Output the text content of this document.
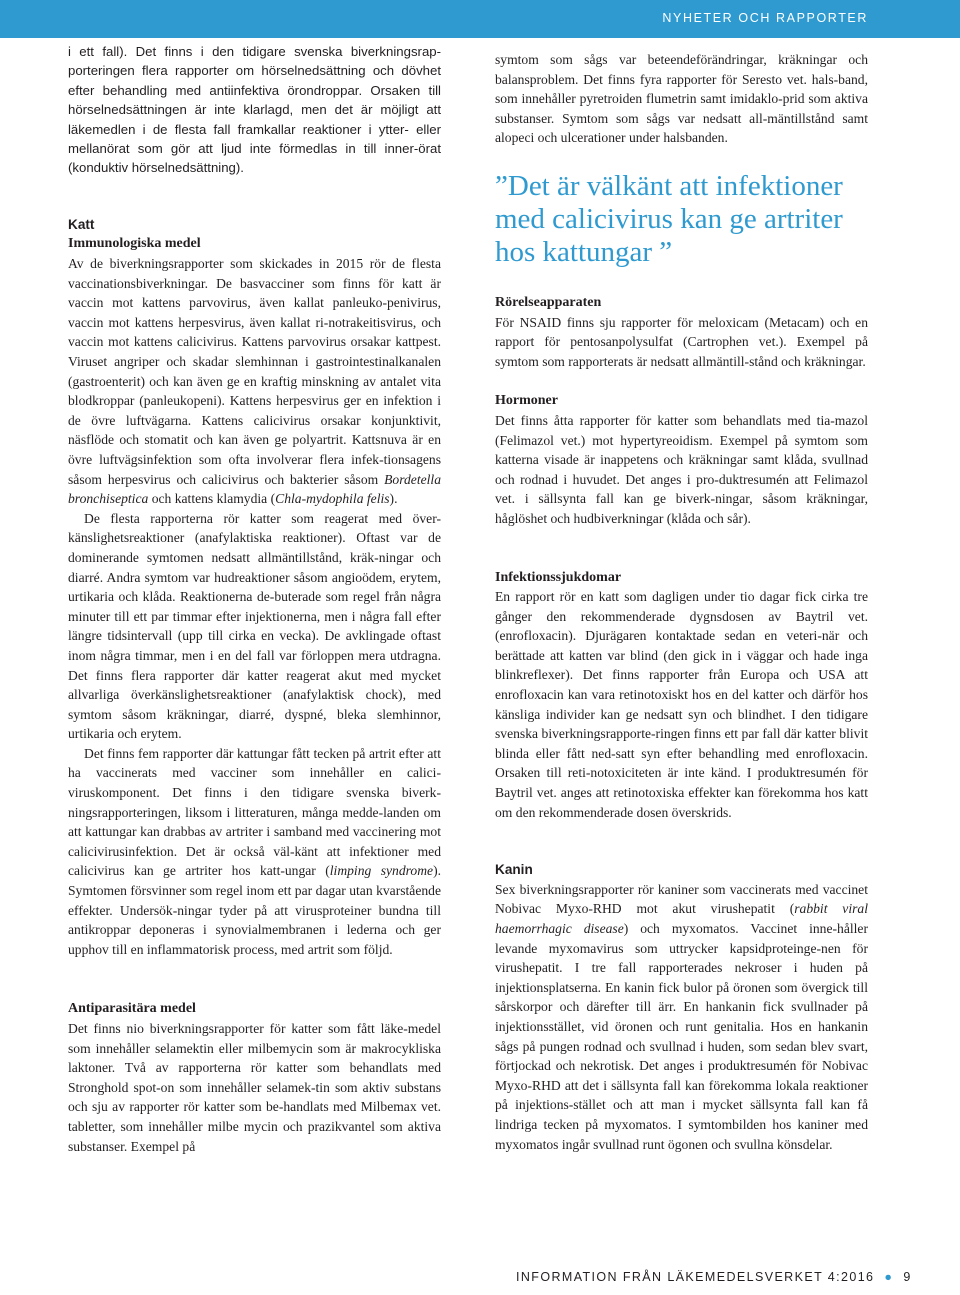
NYHETER OCH RAPPORTER

i ett fall). Det finns i den tidigare svenska biverkningsrap-porteringen flera rapporter om hörselnedsättning och dövhet efter behandling med antiinfektiva örondroppar. Orsaken till hörselnedsättningen är inte klarlagd, men det är möjligt att läkemedlen i de flesta fall framkallar reaktioner i ytter- eller mellanörat som gör att ljud inte förmedlas in till inner-örat (konduktiv hörselnedsättning).

Katt

Immunologiska medel

Av de biverkningsrapporter som skickades in 2015 rör de flesta vaccinationsbiverkningar. De basvacciner som finns för katt är vaccin mot kattens parvovirus, även kallat panleuko-penivirus, vaccin mot kattens herpesvirus, även kallat ri-notrakeitisvirus, och vaccin mot kattens calicivirus. Kattens parvovirus orsakar kattpest. Viruset angriper och skadar slemhinnan i gastrointestinalkanalen (gastroenterit) och kan även ge en kraftig minskning av antalet vita blodkroppar (panleukopeni). Kattens herpesvirus ger en infektion i de övre luftvägarna. Kattens calicivirus orsakar konjunktivit, näsflöde och stomatit och kan även ge polyartrit. Kattsnuva är en övre luftvägsinfektion som ofta involverar flera infek-tionsagens såsom herpesvirus och calicivirus och bakterier såsom Bordetella bronchiseptica och kattens klamydia (Chla-mydophila felis).

De flesta rapporterna rör katter som reagerat med över-känslighetsreaktioner (anafylaktiska reaktioner). Oftast var de dominerande symtomen nedsatt allmäntillstånd, kräk-ningar och diarré. Andra symtom var hudreaktioner såsom angioödem, erytem, urtikaria och klåda. Reaktionerna de-buterade som regel från några minuter till ett par timmar efter injektionerna, men i några fall efter längre tidsintervall (upp till cirka en vecka). De avklingade oftast inom några timmar, men i en del fall var förloppen mera utdragna. Det finns flera rapporter där katter reagerat akut med mycket allvarliga överkänslighetsreaktioner (anafylaktisk chock), med symtom såsom kräkningar, diarré, dyspné, bleka slemhinnor, urtikaria och erytem.

Det finns fem rapporter där kattungar fått tecken på artrit efter att ha vaccinerats med vacciner som innehåller en calici-viruskomponent. Det finns i den tidigare svenska biverk-ningsrapporteringen, liksom i litteraturen, många medde-landen om att kattungar kan drabbas av artriter i samband med vaccinering mot calicivirusinfektion. Det är också väl-känt att infektioner med calicivirus kan ge artriter hos katt-ungar (limping syndrome). Symtomen försvinner som regel inom ett par dagar utan kvarstående effekter. Undersök-ningar tyder på att virusproteiner bundna till antikroppar deponeras i synovialmembranen i lederna och ger upphov till en inflammatorisk process, med artrit som följd.

Antiparasitära medel

Det finns nio biverkningsrapporter för katter som fått läke-medel som innehåller selamektin eller milbemycin som är makrocykliska laktoner. Två av rapporterna rör katter som behandlats med Stronghold spot-on som innehåller selamek-tin som aktiv substans och sju av rapporter rör katter som be-handlats med Milbemax vet. tabletter, som innehåller milbe mycin och prazikvantel som aktiva substanser. Exempel på

symtom som sågs var beteendeförändringar, kräkningar och balansproblem. Det finns fyra rapporter för Seresto vet. hals-band, som innehåller pyretroiden flumetrin samt imidaklo-prid som aktiva substanser. Symtom som sågs var nedsatt all-mäntillstånd samt alopeci och ulcerationer under halsbanden.

”Det är välkänt att infektioner med calicivirus kan ge artriter hos kattungar ”

Rörelseapparaten

För NSAID finns sju rapporter för meloxicam (Metacam) och en rapport för pentosanpolysulfat (Cartrophen vet.). Exempel på symtom som rapporterats är nedsatt allmäntill-stånd och kräkningar.

Hormoner

Det finns åtta rapporter för katter som behandlats med tia-mazol (Felimazol vet.) mot hypertyreoidism. Exempel på symtom som katterna visade är inappetens och kräkningar samt klåda, svullnad och rodnad i huvudet. Det anges i pro-duktresumén att Felimazol vet. i sällsynta fall kan ge biverk-ningar, såsom kräkningar, håglöshet och hudbiverkningar (klåda och sår).

Infektionssjukdomar

En rapport rör en katt som dagligen under tio dagar fick cirka tre gånger den rekommenderade dygnsdosen av Baytril vet. (enrofloxacin). Djurägaren kontaktade sedan en veteri-när och berättade att katten var blind (den gick in i väggar och hade inga blinkreflexer). Det finns rapporter från Europa och USA att enrofloxacin kan vara retinotoxiskt hos en del katter och därför hos känsliga individer kan ge nedsatt syn och blindhet. I den tidigare svenska biverkningsrapporte-ringen finns ett par fall där katter blivit blinda eller fått ned-satt syn efter behandling med enrofloxacin. Orsaken till reti-notoxiciteten är inte känd. I produktresumén för Baytril vet. anges att retinotoxiska effekter kan förekomma hos katt om den rekommenderade dosen överskrids.

Kanin

Sex biverkningsrapporter rör kaniner som vaccinerats med vaccinet Nobivac Myxo-RHD mot akut virushepatit (rabbit viral haemorrhagic disease) och myxomatos. Vaccinet inne-håller levande myxomavirus som uttrycker kapsidproteinge-nen för virushepatit. I tre fall rapporterades nekroser i huden på injektionsplatserna. En kanin fick bulor på öronen som övergick till sårskorpor och därefter till ärr. En hankanin fick svullnader på injektionsstället, vid öronen och runt genitalia. Hos en hankanin sågs på pungen rodnad och svullnad i huden, som sedan blev svart, förtjockad och nekrotisk. Det anges i produktresumén för Nobivac Myxo-RHD att det i sällsynta fall kan förekomma lokala reaktioner på injektions-stället och att man i mycket sällsynta fall kan få lindriga tecken på myxomatos. I symtombilden hos kaniner med myxomatos ingår svullnad runt ögonen och svullna könsdelar.

INFORMATION FRÅN LÄKEMEDELSVERKET 4:2016 ● 9
